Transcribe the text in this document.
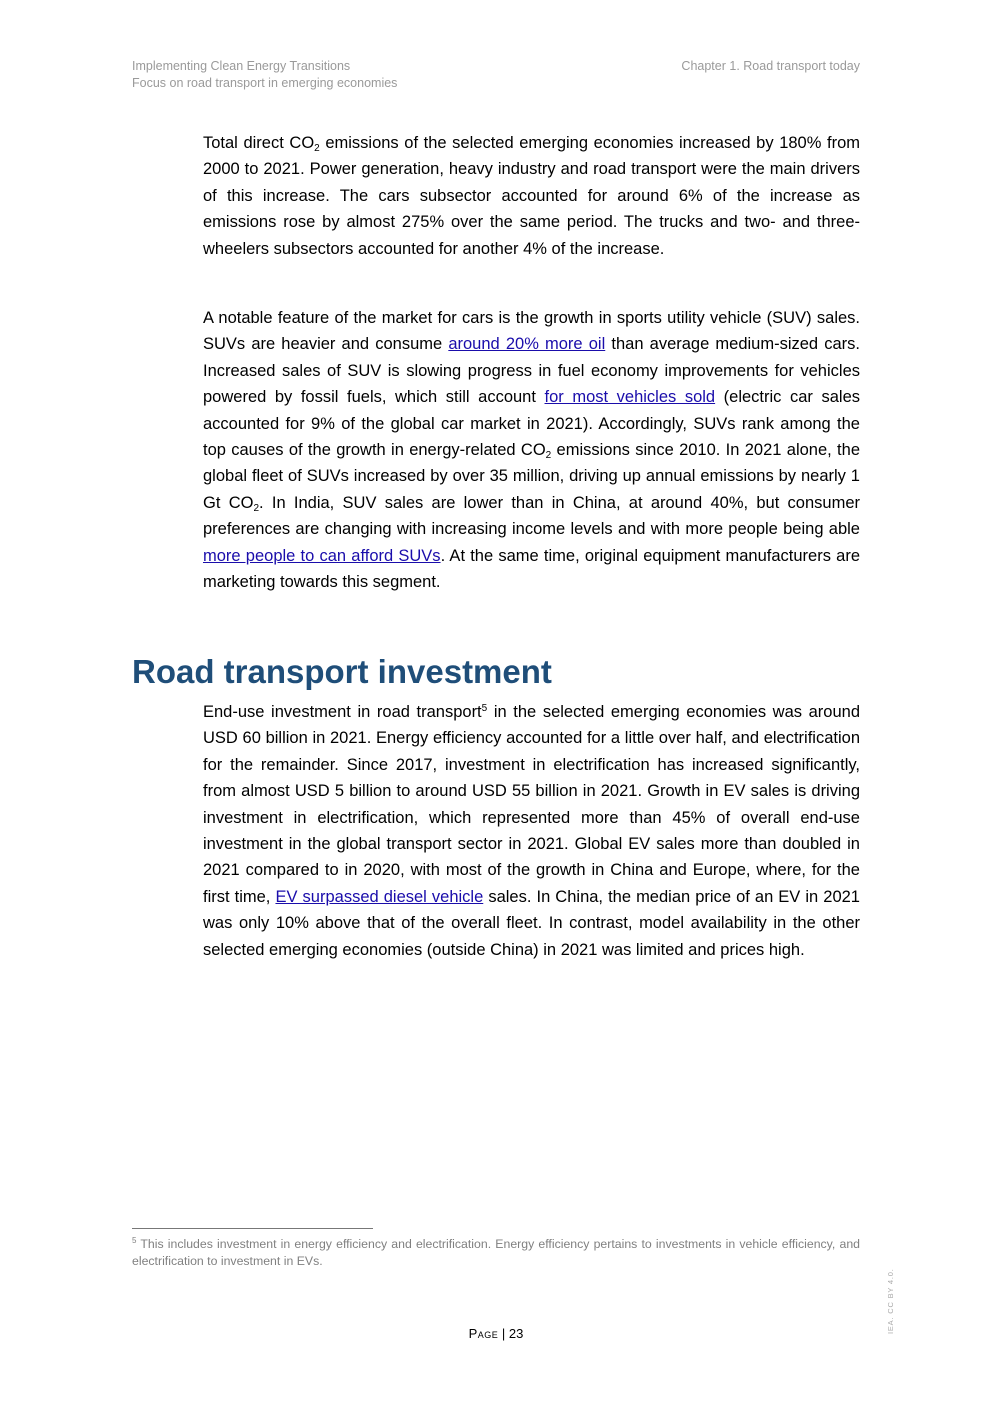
Implementing Clean Energy Transitions
Focus on road transport in emerging economies
Chapter 1. Road transport today

Total direct $CO_2$ emissions of the selected emerging economies increased by 180% from 2000 to 2021. Power generation, heavy industry and road transport were the main drivers of this increase. The cars subsector accounted for around 6% of the increase as emissions rose by almost 275% over the same period. The trucks and two- and three-wheelers subsectors accounted for another 4% of the increase.

A notable feature of the market for cars is the growth in sports utility vehicle (SUV) sales. SUVs are heavier and consume around 20% more oil than average medium-sized cars. Increased sales of SUV is slowing progress in fuel economy improvements for vehicles powered by fossil fuels, which still account for most vehicles sold (electric car sales accounted for 9% of the global car market in 2021). Accordingly, SUVs rank among the top causes of the growth in energy-related $CO_2$ emissions since 2010. In 2021 alone, the global fleet of SUVs increased by over 35 million, driving up annual emissions by nearly 1 Gt $CO_2$. In India, SUV sales are lower than in China, at around 40%, but consumer preferences are changing with increasing income levels and with more people being able more people to can afford SUVs. At the same time, original equipment manufacturers are marketing towards this segment.

Road transport investment

End-use investment in road transport$^5$ in the selected emerging economies was around USD 60 billion in 2021. Energy efficiency accounted for a little over half, and electrification for the remainder. Since 2017, investment in electrification has increased significantly, from almost USD 5 billion to around USD 55 billion in 2021. Growth in EV sales is driving investment in electrification, which represented more than 45% of overall end-use investment in the global transport sector in 2021. Global EV sales more than doubled in 2021 compared to in 2020, with most of the growth in China and Europe, where, for the first time, EV surpassed diesel vehicle sales. In China, the median price of an EV in 2021 was only 10% above that of the overall fleet. In contrast, model availability in the other selected emerging economies (outside China) in 2021 was limited and prices high.

$^5$ This includes investment in energy efficiency and electrification. Energy efficiency pertains to investments in vehicle efficiency, and electrification to investment in EVs.

Page | 23	IEA. CC BY 4.0.
